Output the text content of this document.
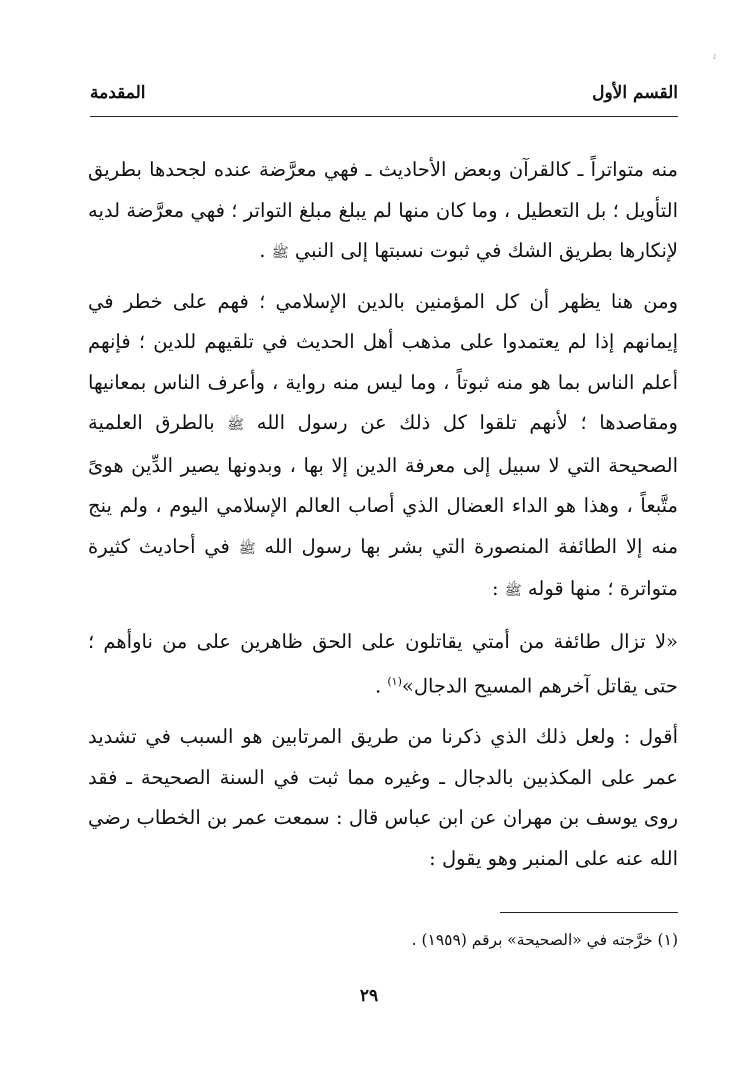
ﺋ
القسم الأول
المقدمة

منه متواتراً ـ كالقرآن وبعض الأحاديث ـ فهي معرَّضة عنده لجحدها بطريق التأويل ؛ بل التعطيل ، وما كان منها لم يبلغ مبلغ التواتر ؛ فهي معرَّضة لديه لإنكارها بطريق الشك في ثبوت نسبتها إلى النبي ﷺ .

ومن هنا يظهر أن كل المؤمنين بالدين الإسلامي ؛ فهم على خطر في إيمانهم إذا لم يعتمدوا على مذهب أهل الحديث في تلقيهم للدين ؛ فإنهم أعلم الناس بما هو منه ثبوتاً ، وما ليس منه رواية ، وأعرف الناس بمعانيها ومقاصدها ؛ لأنهم تلقوا كل ذلك عن رسول الله ﷺ بالطرق العلمية الصحيحة التي لا سبيل إلى معرفة الدين إلا بها ، وبدونها يصير الدِّين هوىً متَّبعاً ، وهذا هو الداء العضال الذي أصاب العالم الإسلامي اليوم ، ولم ينج منه إلا الطائفة المنصورة التي بشر بها رسول الله ﷺ في أحاديث كثيرة متواترة ؛ منها قوله ﷺ :

«لا تزال طائفة من أمتي يقاتلون على الحق ظاهرين على من ناوأهم ؛ حتى يقاتل آخرهم المسيح الدجال»$^{(١)}$ .

أقول : ولعل ذلك الذي ذكرنا من طريق المرتابين هو السبب في تشديد عمر على المكذبين بالدجال ـ وغيره مما ثبت في السنة الصحيحة ـ فقد روى يوسف بن مهران عن ابن عباس قال : سمعت عمر بن الخطاب رضي الله عنه على المنبر وهو يقول :

(١) خرَّجته في «الصحيحة» برقم (١٩٥٩) .
٢٩
